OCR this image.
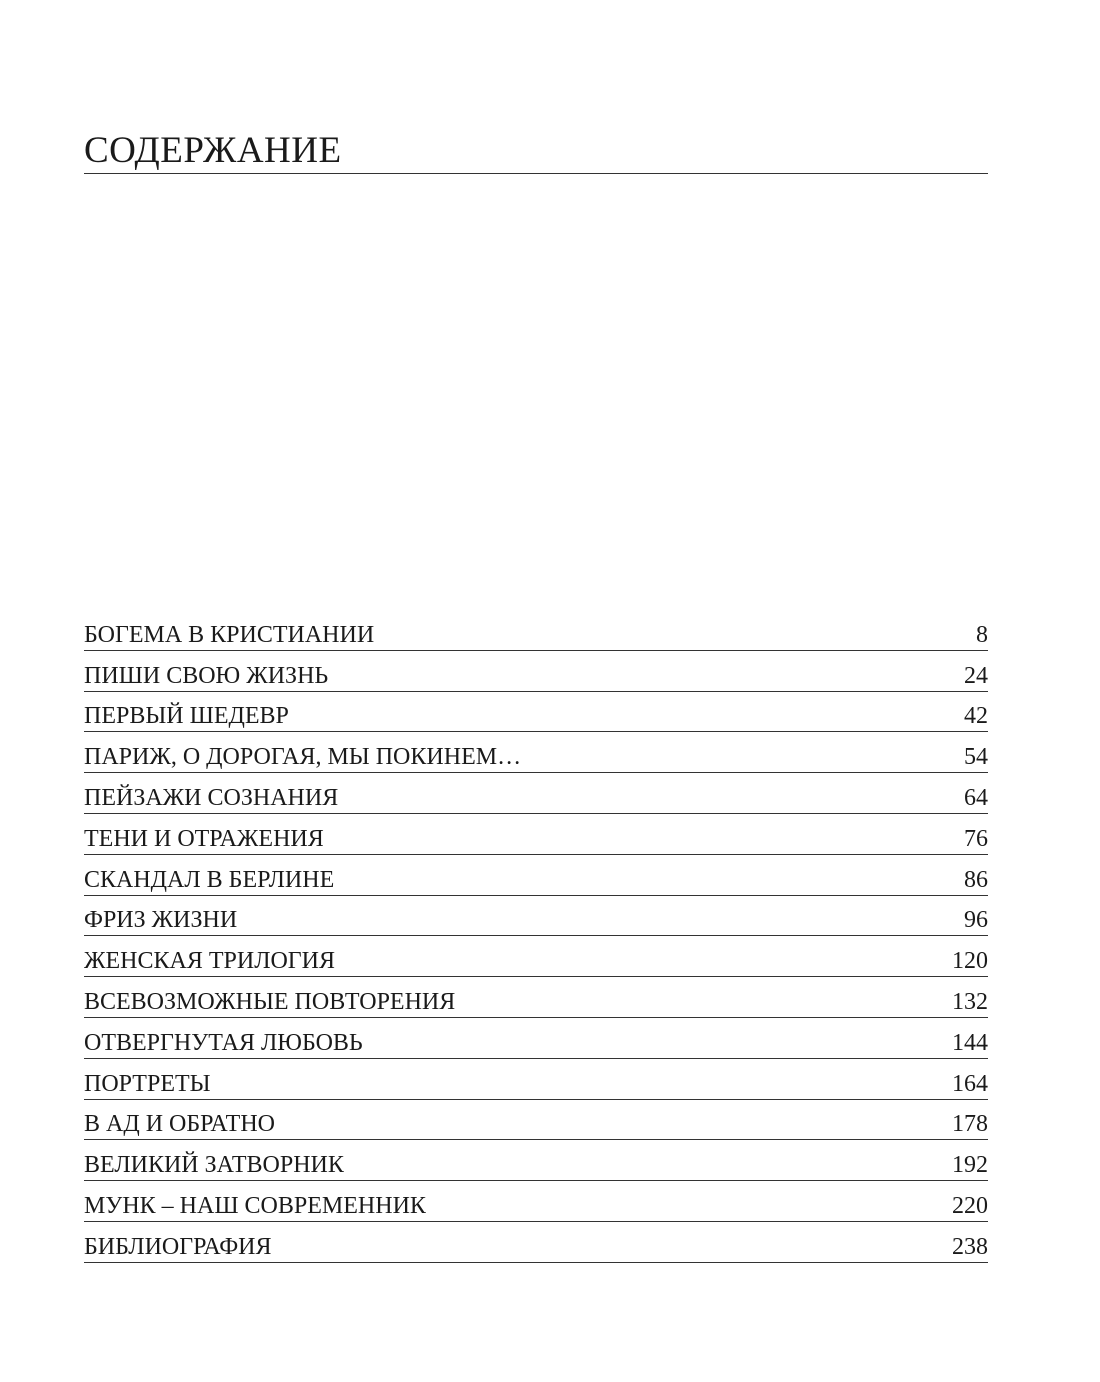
СОДЕРЖАНИЕ
БОГЕМА В КРИСТИАНИИ	8
ПИШИ СВОЮ ЖИЗНЬ	24
ПЕРВЫЙ ШЕДЕВР	42
ПАРИЖ, О ДОРОГАЯ, МЫ ПОКИНЕМ…	54
ПЕЙЗАЖИ СОЗНАНИЯ	64
ТЕНИ И ОТРАЖЕНИЯ	76
СКАНДАЛ В БЕРЛИНЕ	86
ФРИЗ ЖИЗНИ	96
ЖЕНСКАЯ ТРИЛОГИЯ	120
ВСЕВОЗМОЖНЫЕ ПОВТОРЕНИЯ	132
ОТВЕРГНУТАЯ ЛЮБОВЬ	144
ПОРТРЕТЫ	164
В АД И ОБРАТНО	178
ВЕЛИКИЙ ЗАТВОРНИК	192
МУНК – НАШ СОВРЕМЕННИК	220
БИБЛИОГРАФИЯ	238
